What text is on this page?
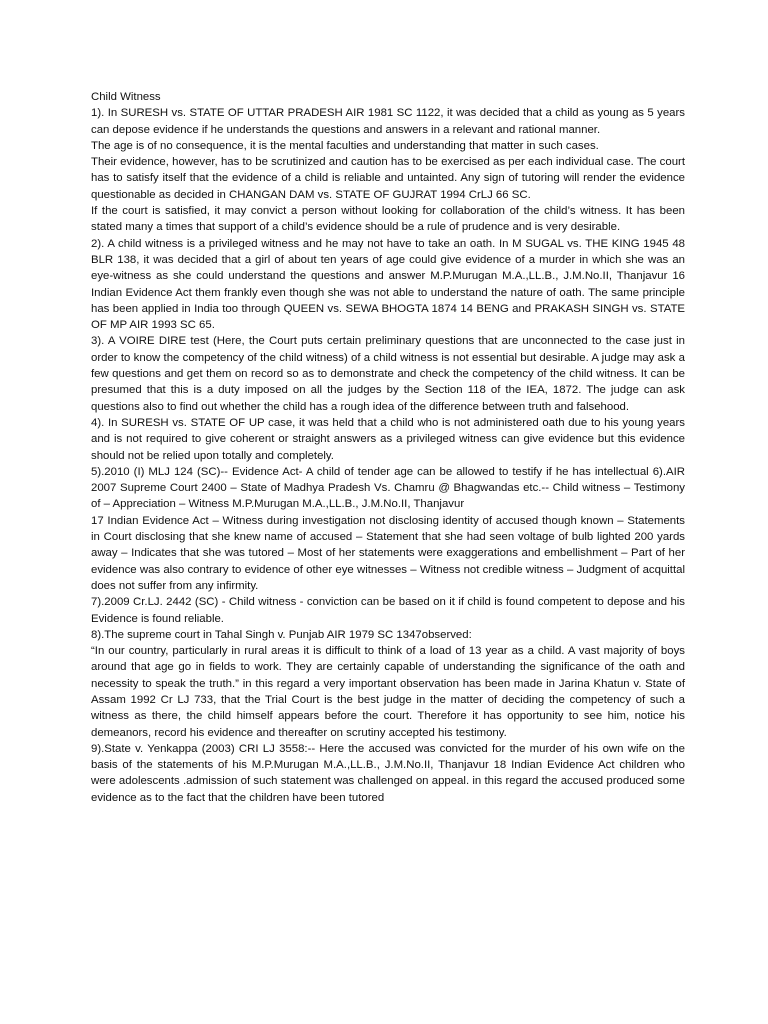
Child Witness

1). In SURESH vs. STATE OF UTTAR PRADESH AIR 1981 SC 1122, it was decided that a child as young as 5 years can depose evidence if he understands the questions and answers in a relevant and rational manner.

The age is of no consequence, it is the mental faculties and understanding that matter in such cases.

Their evidence, however, has to be scrutinized and caution has to be exercised as per each individual case. The court has to satisfy itself that the evidence of a child is reliable and untainted. Any sign of tutoring will render the evidence questionable as decided in CHANGAN DAM vs. STATE OF GUJRAT 1994 CrLJ 66 SC.

If the court is satisfied, it may convict a person without looking for collaboration of the child’s witness. It has been stated many a times that support of a child’s evidence should be a rule of prudence and is very desirable.

2). A child witness is a privileged witness and he may not have to take an oath. In M SUGAL vs. THE KING 1945 48 BLR 138, it was decided that a girl of about ten years of age could give evidence of a murder in which she was an eye-witness as she could understand the questions and answer M.P.Murugan M.A.,LL.B., J.M.No.II, Thanjavur 16 Indian Evidence Act them frankly even though she was not able to understand the nature of oath. The same principle has been applied in India too through QUEEN vs. SEWA BHOGTA 1874 14 BENG and PRAKASH SINGH vs. STATE OF MP AIR 1993 SC 65.

3). A VOIRE DIRE test (Here, the Court puts certain preliminary questions that are unconnected to the case just in order to know the competency of the child witness) of a child witness is not essential but desirable. A judge may ask a few questions and get them on record so as to demonstrate and check the competency of the child witness. It can be presumed that this is a duty imposed on all the judges by the Section 118 of the IEA, 1872. The judge can ask questions also to find out whether the child has a rough idea of the difference between truth and falsehood.

4). In SURESH vs. STATE OF UP case, it was held that a child who is not administered oath due to his young years and is not required to give coherent or straight answers as a privileged witness can give evidence but this evidence should not be relied upon totally and completely.

5).2010 (I) MLJ 124 (SC)-- Evidence Act- A child of tender age can be allowed to testify if he has intellectual 6).AIR 2007 Supreme Court 2400 – State of Madhya Pradesh Vs. Chamru @ Bhagwandas etc.-- Child witness – Testimony of – Appreciation – Witness M.P.Murugan M.A.,LL.B., J.M.No.II, Thanjavur

17 Indian Evidence Act – Witness during investigation not disclosing identity of accused though known – Statements in Court disclosing that she knew name of accused – Statement that she had seen voltage of bulb lighted 200 yards away – Indicates that she was tutored – Most of her statements were exaggerations and embellishment – Part of her evidence was also contrary to evidence of other eye witnesses – Witness not credible witness – Judgment of acquittal does not suffer from any infirmity.

7).2009 Cr.LJ. 2442 (SC) - Child witness - conviction can be based on it if child is found competent to depose and his Evidence is found reliable.

8).The supreme court in Tahal Singh v. Punjab AIR 1979 SC 1347observed:

“In our country, particularly in rural areas it is difficult to think of a load of 13 year as a child. A vast majority of boys around that age go in fields to work. They are certainly capable of understanding the significance of the oath and necessity to speak the truth.” in this regard a very important observation has been made in Jarina Khatun v. State of Assam 1992 Cr LJ 733, that the Trial Court is the best judge in the matter of deciding the competency of such a witness as there, the child himself appears before the court. Therefore it has opportunity to see him, notice his demeanors, record his evidence and thereafter on scrutiny accepted his testimony.

9).State v. Yenkappa (2003) CRI LJ 3558:-- Here the accused was convicted for the murder of his own wife on the basis of the statements of his M.P.Murugan M.A.,LL.B., J.M.No.II, Thanjavur 18 Indian Evidence Act children who were adolescents .admission of such statement was challenged on appeal. in this regard the accused produced some evidence as to the fact that the children have been tutored
